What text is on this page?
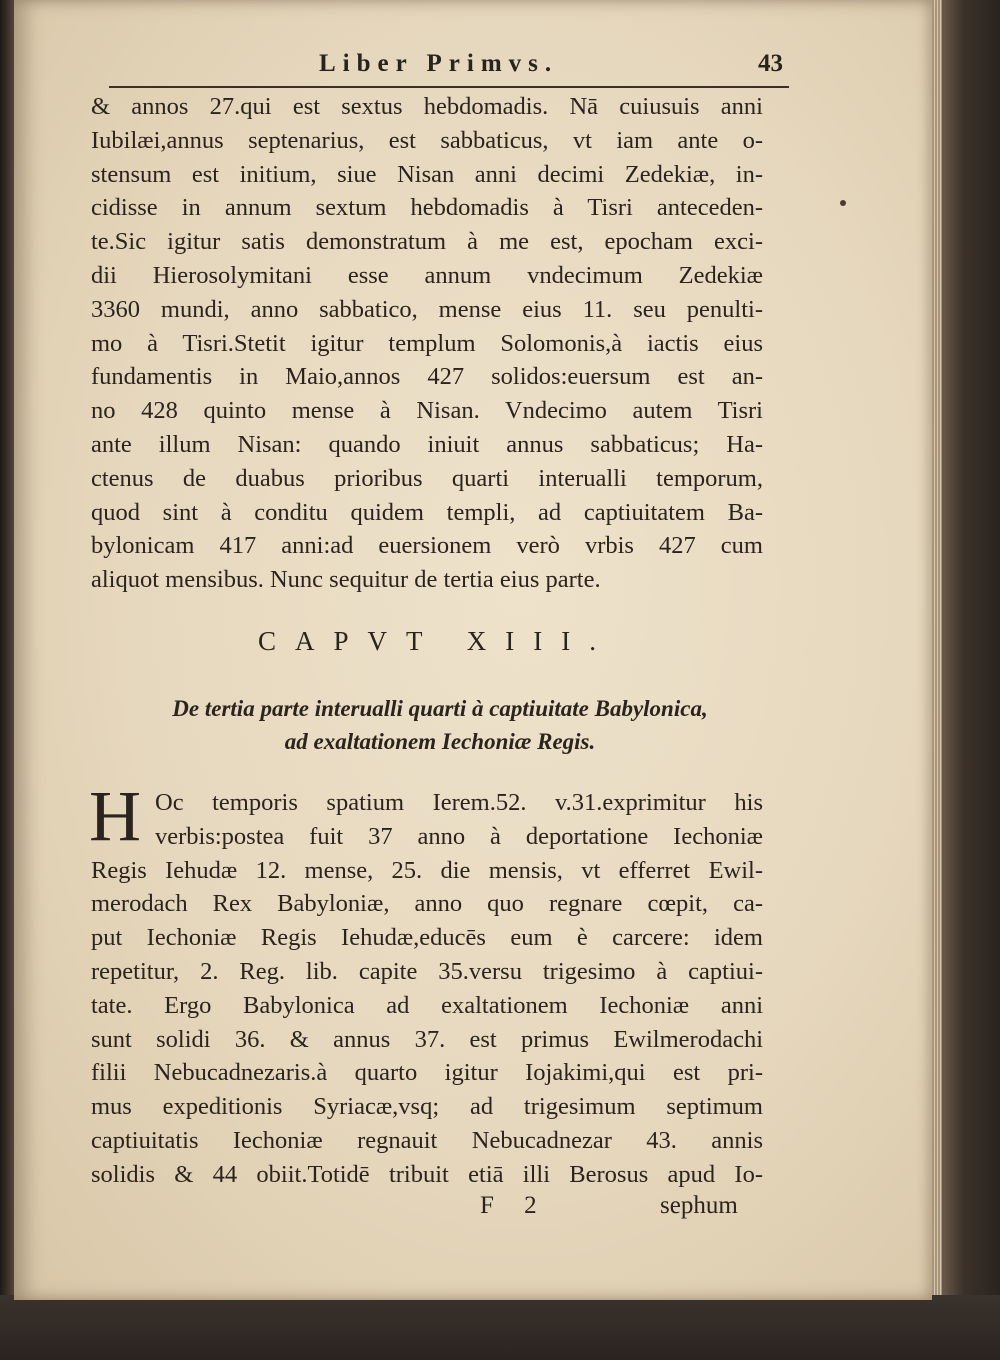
Liber Primvs.	43
& annos 27.qui est sextus hebdomadis. Nā cuiusuis anni
Iubilæi,annus septenarius, est sabbaticus, vt iam ante o-
stensum est initium, siue Nisan anni decimi Zedekiæ, in-
cidisse in annum sextum hebdomadis à Tisri anteceden-
te.Sic igitur satis demonstratum à me est, epocham exci-
dii Hierosolymitani esse annum vndecimum Zedekiæ
3360 mundi, anno sabbatico, mense eius 11. seu penulti-
mo à Tisri.Stetit igitur templum Solomonis,à iactis eius
fundamentis in Maio,annos 427 solidos:euersum est an-
no 428 quinto mense à Nisan. Vndecimo autem Tisri
ante illum Nisan: quando iniuit annus sabbaticus; Ha-
ctenus de duabus prioribus quarti interualli temporum,
quod sint à conditu quidem templi, ad captiuitatem Ba-
bylonicam 417 anni:ad euersionem verò vrbis 427 cum
aliquot mensibus. Nunc sequitur de tertia eius parte.
CAPVT XIII.
De tertia parte interualli quarti à captiuitate Babylonica,
ad exaltationem Iechoniæ Regis.
H Oc temporis spatium Ierem.52. v.31.exprimitur his
verbis:postea fuit 37 anno à deportatione Iechoniæ
Regis Iehudæ 12. mense, 25. die mensis, vt efferret Ewil-
merodach Rex Babyloniæ, anno quo regnare cœpit, ca-
put Iechoniæ Regis Iehudæ,educēs eum è carcere: idem
repetitur, 2. Reg. lib. capite 35.versu trigesimo à captiui-
tate. Ergo Babylonica ad exaltationem Iechoniæ anni
sunt solidi 36. & annus 37. est primus Ewilmerodachi
filii Nebucadnezaris.à quarto igitur Iojakimi,qui est pri-
mus expeditionis Syriacæ,vsq; ad trigesimum septimum
captiuitatis Iechoniæ regnauit Nebucadnezar 43. annis
solidis & 44 obiit.Totidē tribuit etiā illi Berosus apud Io-
F 2	sephum
